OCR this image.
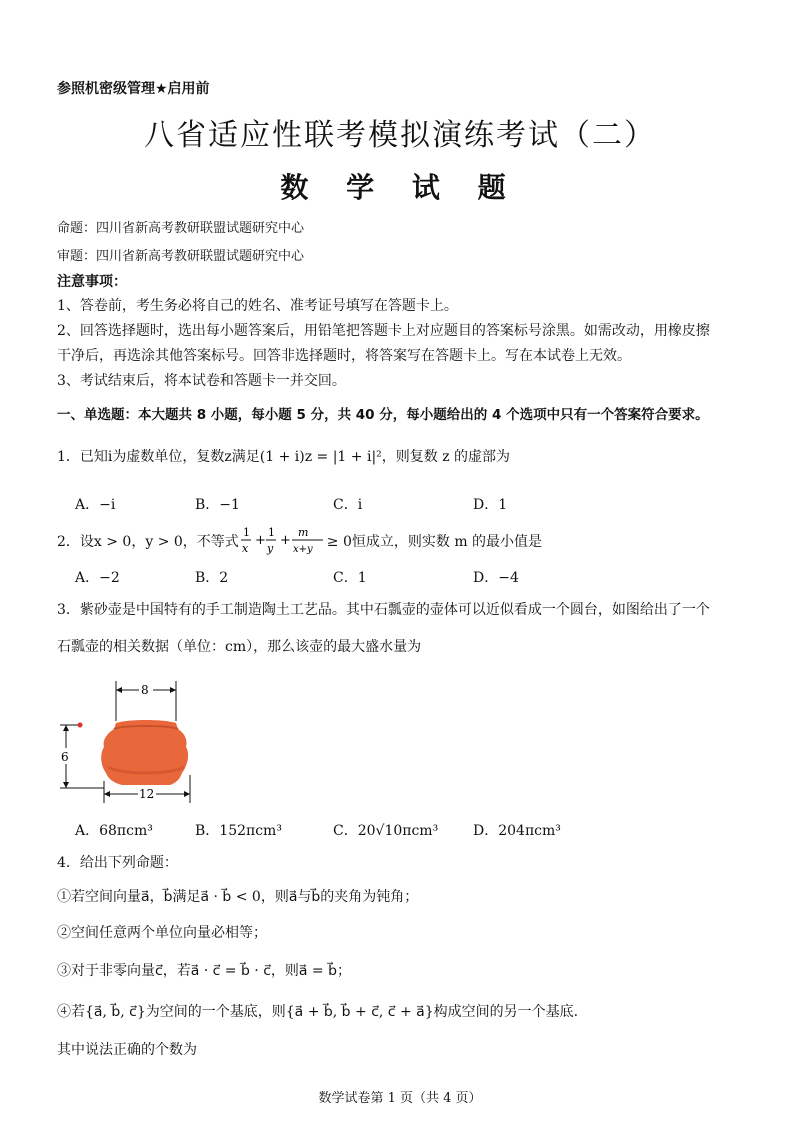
参照机密级管理★启用前
八省适应性联考模拟演练考试（二）
数 学 试 题
命题：四川省新高考教研联盟试题研究中心
审题：四川省新高考教研联盟试题研究中心
注意事项：
1、答卷前，考生务必将自己的姓名、准考证号填写在答题卡上。
2、回答选择题时，选出每小题答案后，用铅笔把答题卡上对应题目的答案标号涂黑。如需改动，用橡皮擦
干净后，再选涂其他答案标号。回答非选择题时，将答案写在答题卡上。写在本试卷上无效。
3、考试结束后，将本试卷和答题卡一并交回。
一、单选题：本大题共 8 小题，每小题 5 分，共 40 分，每小题给出的 4 个选项中只有一个答案符合要求。
1．已知i为虚数单位，复数z满足(1 + i)z = |1 + i|²，则复数 z 的虚部为
A．−i	B．−1	C．i	D．1
2．设x > 0，y > 0，不等式
1
x
+
1
y
+
m
x+y ≥ 0恒成立，则实数 m 的最小值是
A．−2	B．2	C．1	D．−4
3．紫砂壶是中国特有的手工制造陶土工艺品。其中石瓢壶的壶体可以近似看成一个圆台，如图给出了一个
石瓢壶的相关数据（单位：cm），那么该壶的最大盛水量为
8
6
12
A．68πcm³	B．152πcm³	C．20√10πcm³ D．204πcm³
4．给出下列命题：
①若空间向量a⃗，b⃗满足a⃗ · b⃗ < 0，则a⃗与b⃗的夹角为钝角；
②空间任意两个单位向量必相等；
③对于非零向量c⃗，若a⃗ · c⃗ = b⃗ · c⃗，则a⃗ = b⃗；
④若{a⃗, b⃗, c⃗}为空间的一个基底，则{a⃗ + b⃗, b⃗ + c⃗, c⃗ + a⃗}构成空间的另一个基底.
其中说法正确的个数为
数学试卷第 1 页（共 4 页）
